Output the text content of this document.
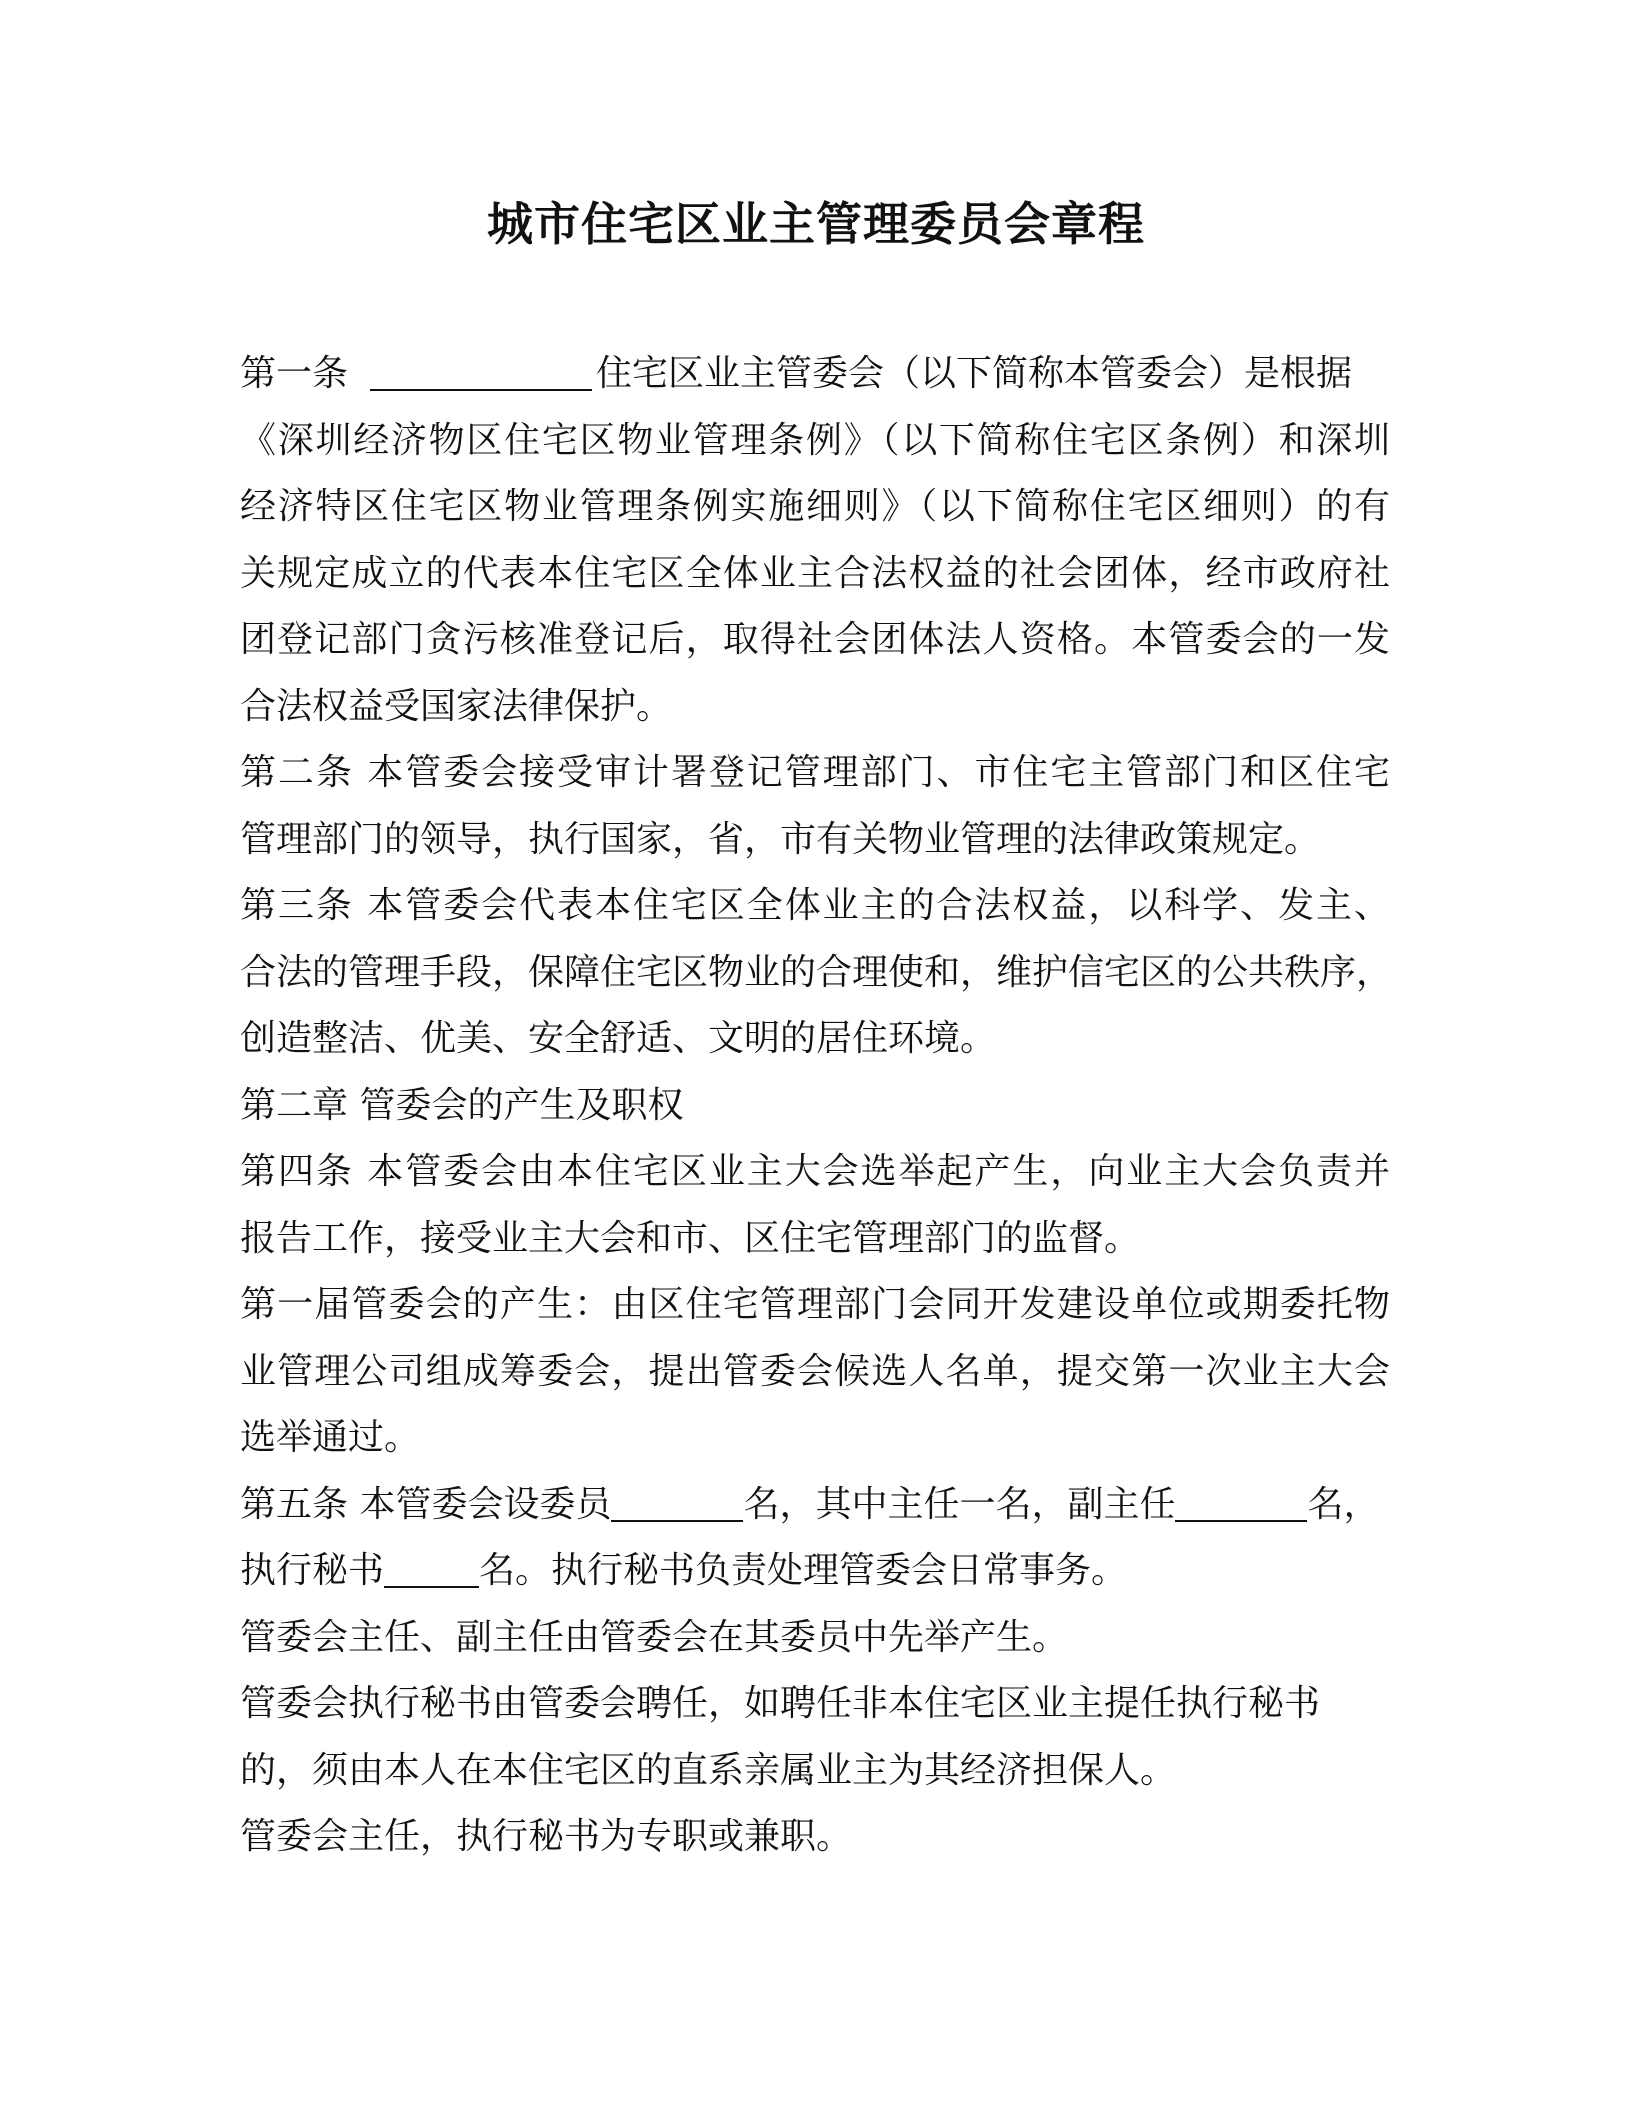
城市住宅区业主管理委员会章程
第一条	住宅区业主管委会（以下简称本管委会）是根据
《深圳经济物区住宅区物业管理条例》（以下简称住宅区条例）和深圳
经济特区住宅区物业管理条例实施细则》（以下简称住宅区细则）的有
关规定成立的代表本住宅区全体业主合法权益的社会团体，经市政府社
团登记部门贪污核准登记后，取得社会团体法人资格。本管委会的一发
合法权益受国家法律保护。
第二条 本管委会接受审计署登记管理部门、市住宅主管部门和区住宅
管理部门的领导，执行国家，省，市有关物业管理的法律政策规定。
第三条 本管委会代表本住宅区全体业主的合法权益，以科学、发主、
合法的管理手段，保障住宅区物业的合理使和，维护信宅区的公共秩序，
创造整洁、优美、安全舒适、文明的居住环境。
第二章 管委会的产生及职权
第四条 本管委会由本住宅区业主大会选举起产生，向业主大会负责并
报告工作，接受业主大会和市、区住宅管理部门的监督。
第一届管委会的产生：由区住宅管理部门会同开发建设单位或期委托物
业管理公司组成筹委会，提出管委会候选人名单，提交第一次业主大会
选举通过。
第五条 本管委会设委员	名，其中主任一名，副主任	名，
执行秘书	名。执行秘书负责处理管委会日常事务。
管委会主任、副主任由管委会在其委员中先举产生。
管委会执行秘书由管委会聘任，如聘任非本住宅区业主提任执行秘书
的，须由本人在本住宅区的直系亲属业主为其经济担保人。
管委会主任，执行秘书为专职或兼职。
